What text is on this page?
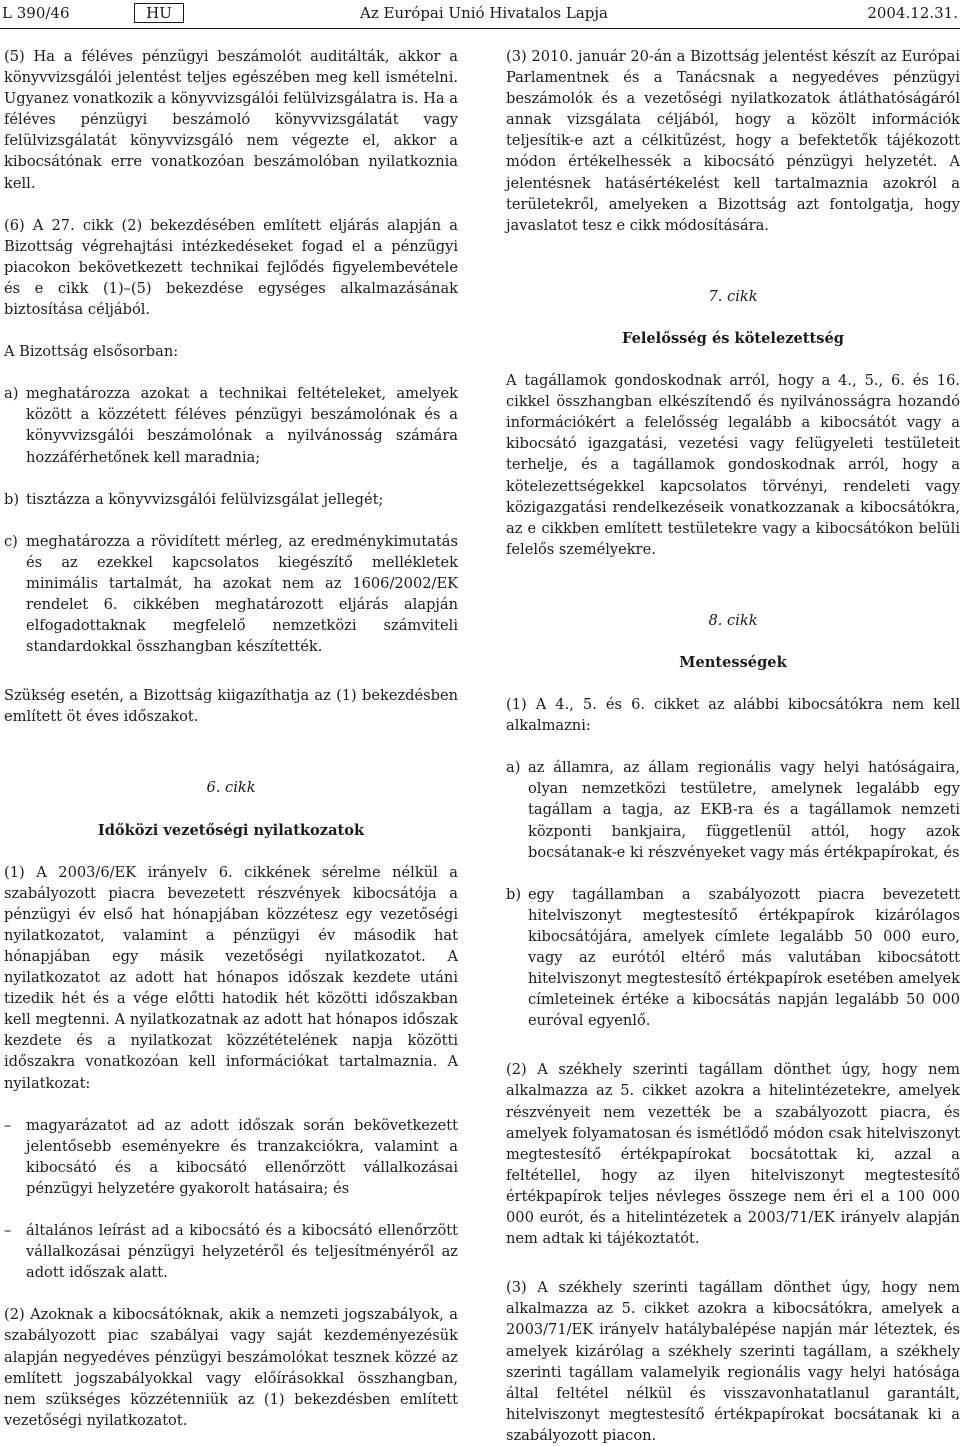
L 390/46	HU	Az Európai Unió Hivatalos Lapja	2004.12.31.

(5) Ha a féléves pénzügyi beszámolót auditálták, akkor a könyvvizsgálói jelentést teljes egészében meg kell ismételni. Ugyanez vonatkozik a könyvvizsgálói felülvizsgálatra is. Ha a féléves pénzügyi beszámoló könyvvizsgálatát vagy felülvizsgálatát könyvvizsgáló nem végezte el, akkor a kibocsátónak erre vonatkozóan beszámolóban nyilatkoznia kell.

(6) A 27. cikk (2) bekezdésében említett eljárás alapján a Bizottság végrehajtási intézkedéseket fogad el a pénzügyi piacokon bekövetkezett technikai fejlődés figyelembevétele és e cikk (1)–(5) bekezdése egységes alkalmazásának biztosítása céljából.

A Bizottság elsősorban:

a) meghatározza azokat a technikai feltételeket, amelyek között a közzétett féléves pénzügyi beszámolónak és a könyvvizsgálói beszámolónak a nyilvánosság számára hozzáférhetőnek kell maradnia;
b) tisztázza a könyvvizsgálói felülvizsgálat jellegét;
c) meghatározza a rövidített mérleg, az eredménykimutatás és az ezekkel kapcsolatos kiegészítő mellékletek minimális tartalmát, ha azokat nem az 1606/2002/EK rendelet 6. cikkében meghatározott eljárás alapján elfogadottaknak megfelelő nemzetközi számviteli standardokkal összhangban készítették.

Szükség esetén, a Bizottság kiigazíthatja az (1) bekezdésben említett öt éves időszakot.

6. cikk

Időközi vezetőségi nyilatkozatok

(1) A 2003/6/EK irányelv 6. cikkének sérelme nélkül a szabályozott piacra bevezetett részvények kibocsátója a pénzügyi év első hat hónapjában közzétesz egy vezetőségi nyilatkozatot, valamint a pénzügyi év második hat hónapjában egy másik vezetőségi nyilatkozatot. A nyilatkozatot az adott hat hónapos időszak kezdete utáni tizedik hét és a vége előtti hatodik hét közötti időszakban kell megtenni. A nyilatkozatnak az adott hat hónapos időszak kezdete és a nyilatkozat közzétételének napja közötti időszakra vonatkozóan kell információkat tartalmaznia. A nyilatkozat:

–	magyarázatot ad az adott időszak során bekövetkezett jelentősebb eseményekre és tranzakciókra, valamint a kibocsátó és a kibocsátó ellenőrzött vállalkozásai pénzügyi helyzetére gyakorolt hatásaira; és
–	általános leírást ad a kibocsátó és a kibocsátó ellenőrzött vállalkozásai pénzügyi helyzetéről és teljesítményéről az adott időszak alatt.

(2) Azoknak a kibocsátóknak, akik a nemzeti jogszabályok, a szabályozott piac szabályai vagy saját kezdeményezésük alapján negyedéves pénzügyi beszámolókat tesznek közzé az említett jogszabályokkal vagy előírásokkal összhangban, nem szükséges közzétenniük az (1) bekezdésben említett vezetőségi nyilatkozatot.

(3) 2010. január 20-án a Bizottság jelentést készít az Európai Parlamentnek és a Tanácsnak a negyedéves pénzügyi beszámolók és a vezetőségi nyilatkozatok átláthatóságáról annak vizsgálata céljából, hogy a közölt információk teljesítik-e azt a célkitűzést, hogy a befektetők tájékozott módon értékelhessék a kibocsátó pénzügyi helyzetét. A jelentésnek hatásértékelést kell tartalmaznia azokról a területekről, amelyeken a Bizottság azt fontolgatja, hogy javaslatot tesz e cikk módosítására.

7. cikk

Felelősség és kötelezettség

A tagállamok gondoskodnak arról, hogy a 4., 5., 6. és 16. cikkel összhangban elkészítendő és nyilvánosságra hozandó információkért a felelősség legalább a kibocsátót vagy a kibocsátó igazgatási, vezetési vagy felügyeleti testületeit terhelje, és a tagállamok gondoskodnak arról, hogy a kötelezettségekkel kapcsolatos törvényi, rendeleti vagy közigazgatási rendelkezéseik vonatkozzanak a kibocsátókra, az e cikkben említett testületekre vagy a kibocsátókon belüli felelős személyekre.

8. cikk

Mentességek

(1) A 4., 5. és 6. cikket az alábbi kibocsátókra nem kell alkalmazni:

a) az államra, az állam regionális vagy helyi hatóságaira, olyan nemzetközi testületre, amelynek legalább egy tagállam a tagja, az EKB-ra és a tagállamok nemzeti központi bankjaira, függetlenül attól, hogy azok bocsátanak-e ki részvényeket vagy más értékpapírokat, és
b) egy tagállamban a szabályozott piacra bevezetett hitelviszonyt megtestesítő értékpapírok kizárólagos kibocsátójára, amelyek címlete legalább 50 000 euro, vagy az eurótól eltérő más valutában kibocsátott hitelviszonyt megtestesítő értékpapírok esetében amelyek címleteinek értéke a kibocsátás napján legalább 50 000 euróval egyenlő.

(2) A székhely szerinti tagállam dönthet úgy, hogy nem alkalmazza az 5. cikket azokra a hitelintézetekre, amelyek részvényeit nem vezették be a szabályozott piacra, és amelyek folyamatosan és ismétlődő módon csak hitelviszonyt megtestesítő értékpapírokat bocsátottak ki, azzal a feltétellel, hogy az ilyen hitelviszonyt megtestesítő értékpapírok teljes névleges összege nem éri el a 100 000 000 eurót, és a hitelintézetek a 2003/71/EK irányelv alapján nem adtak ki tájékoztatót.

(3) A székhely szerinti tagállam dönthet úgy, hogy nem alkalmazza az 5. cikket azokra a kibocsátókra, amelyek a 2003/71/EK irányelv hatálybalépése napján már léteztek, és amelyek kizárólag a székhely szerinti tagállam, a székhely szerinti tagállam valamelyik regionális vagy helyi hatósága által feltétel nélkül és visszavonhatatlanul garantált, hitelviszonyt megtestesítő értékpapírokat bocsátanak ki a szabályozott piacon.
